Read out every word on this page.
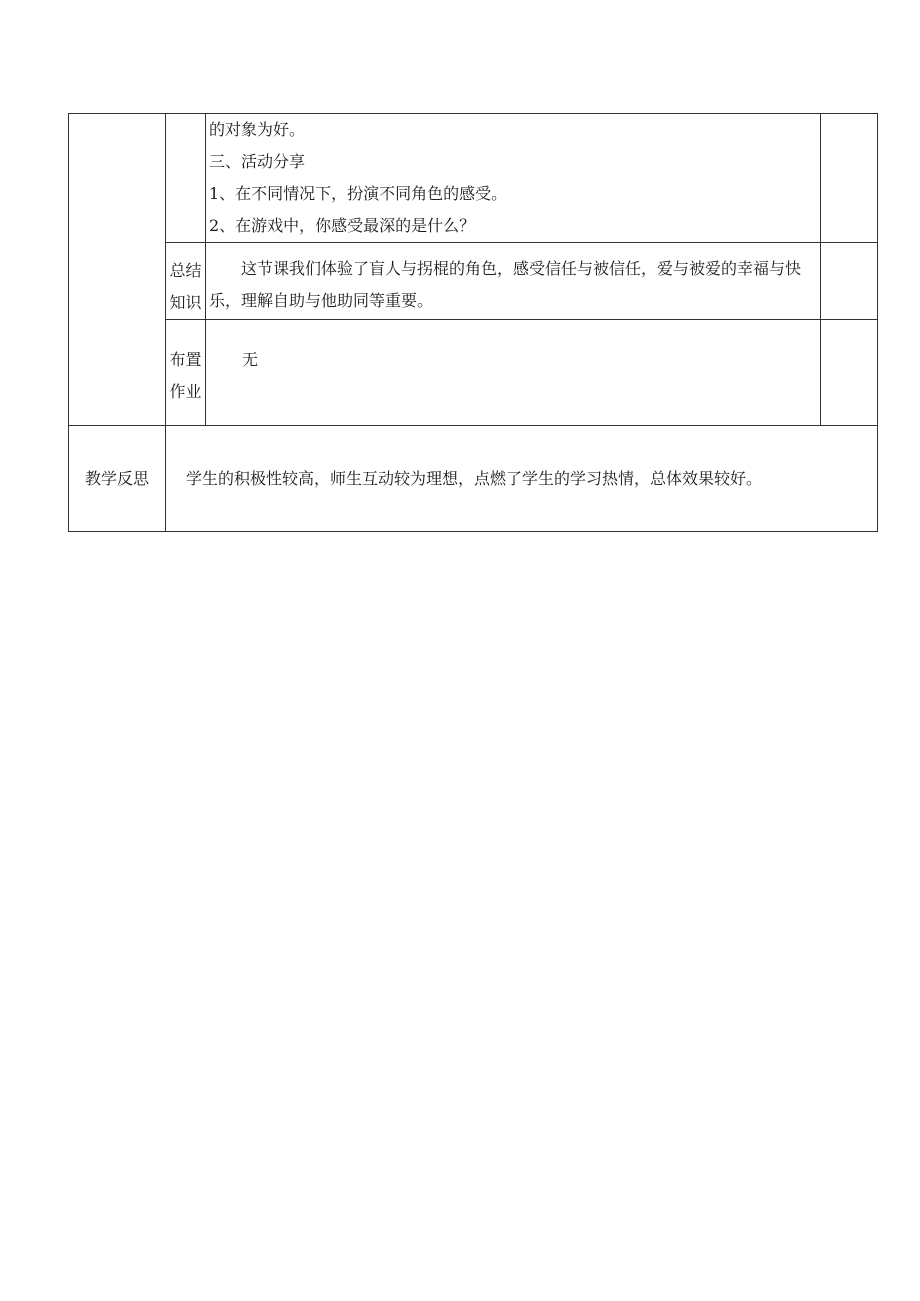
		的对象为好。
三、活动分享
1、在不同情况下，扮演不同角色的感受。
2、在游戏中，你感受最深的是什么？	

	总结知识	这节课我们体验了盲人与拐棍的角色，感受信任与被信任，爱与被爱的幸福与快乐，理解自助与他助同等重要。	
	布置作业	无	
教学反思	学生的积极性较高，师生互动较为理想，点燃了学生的学习热情，总体效果较好。		
